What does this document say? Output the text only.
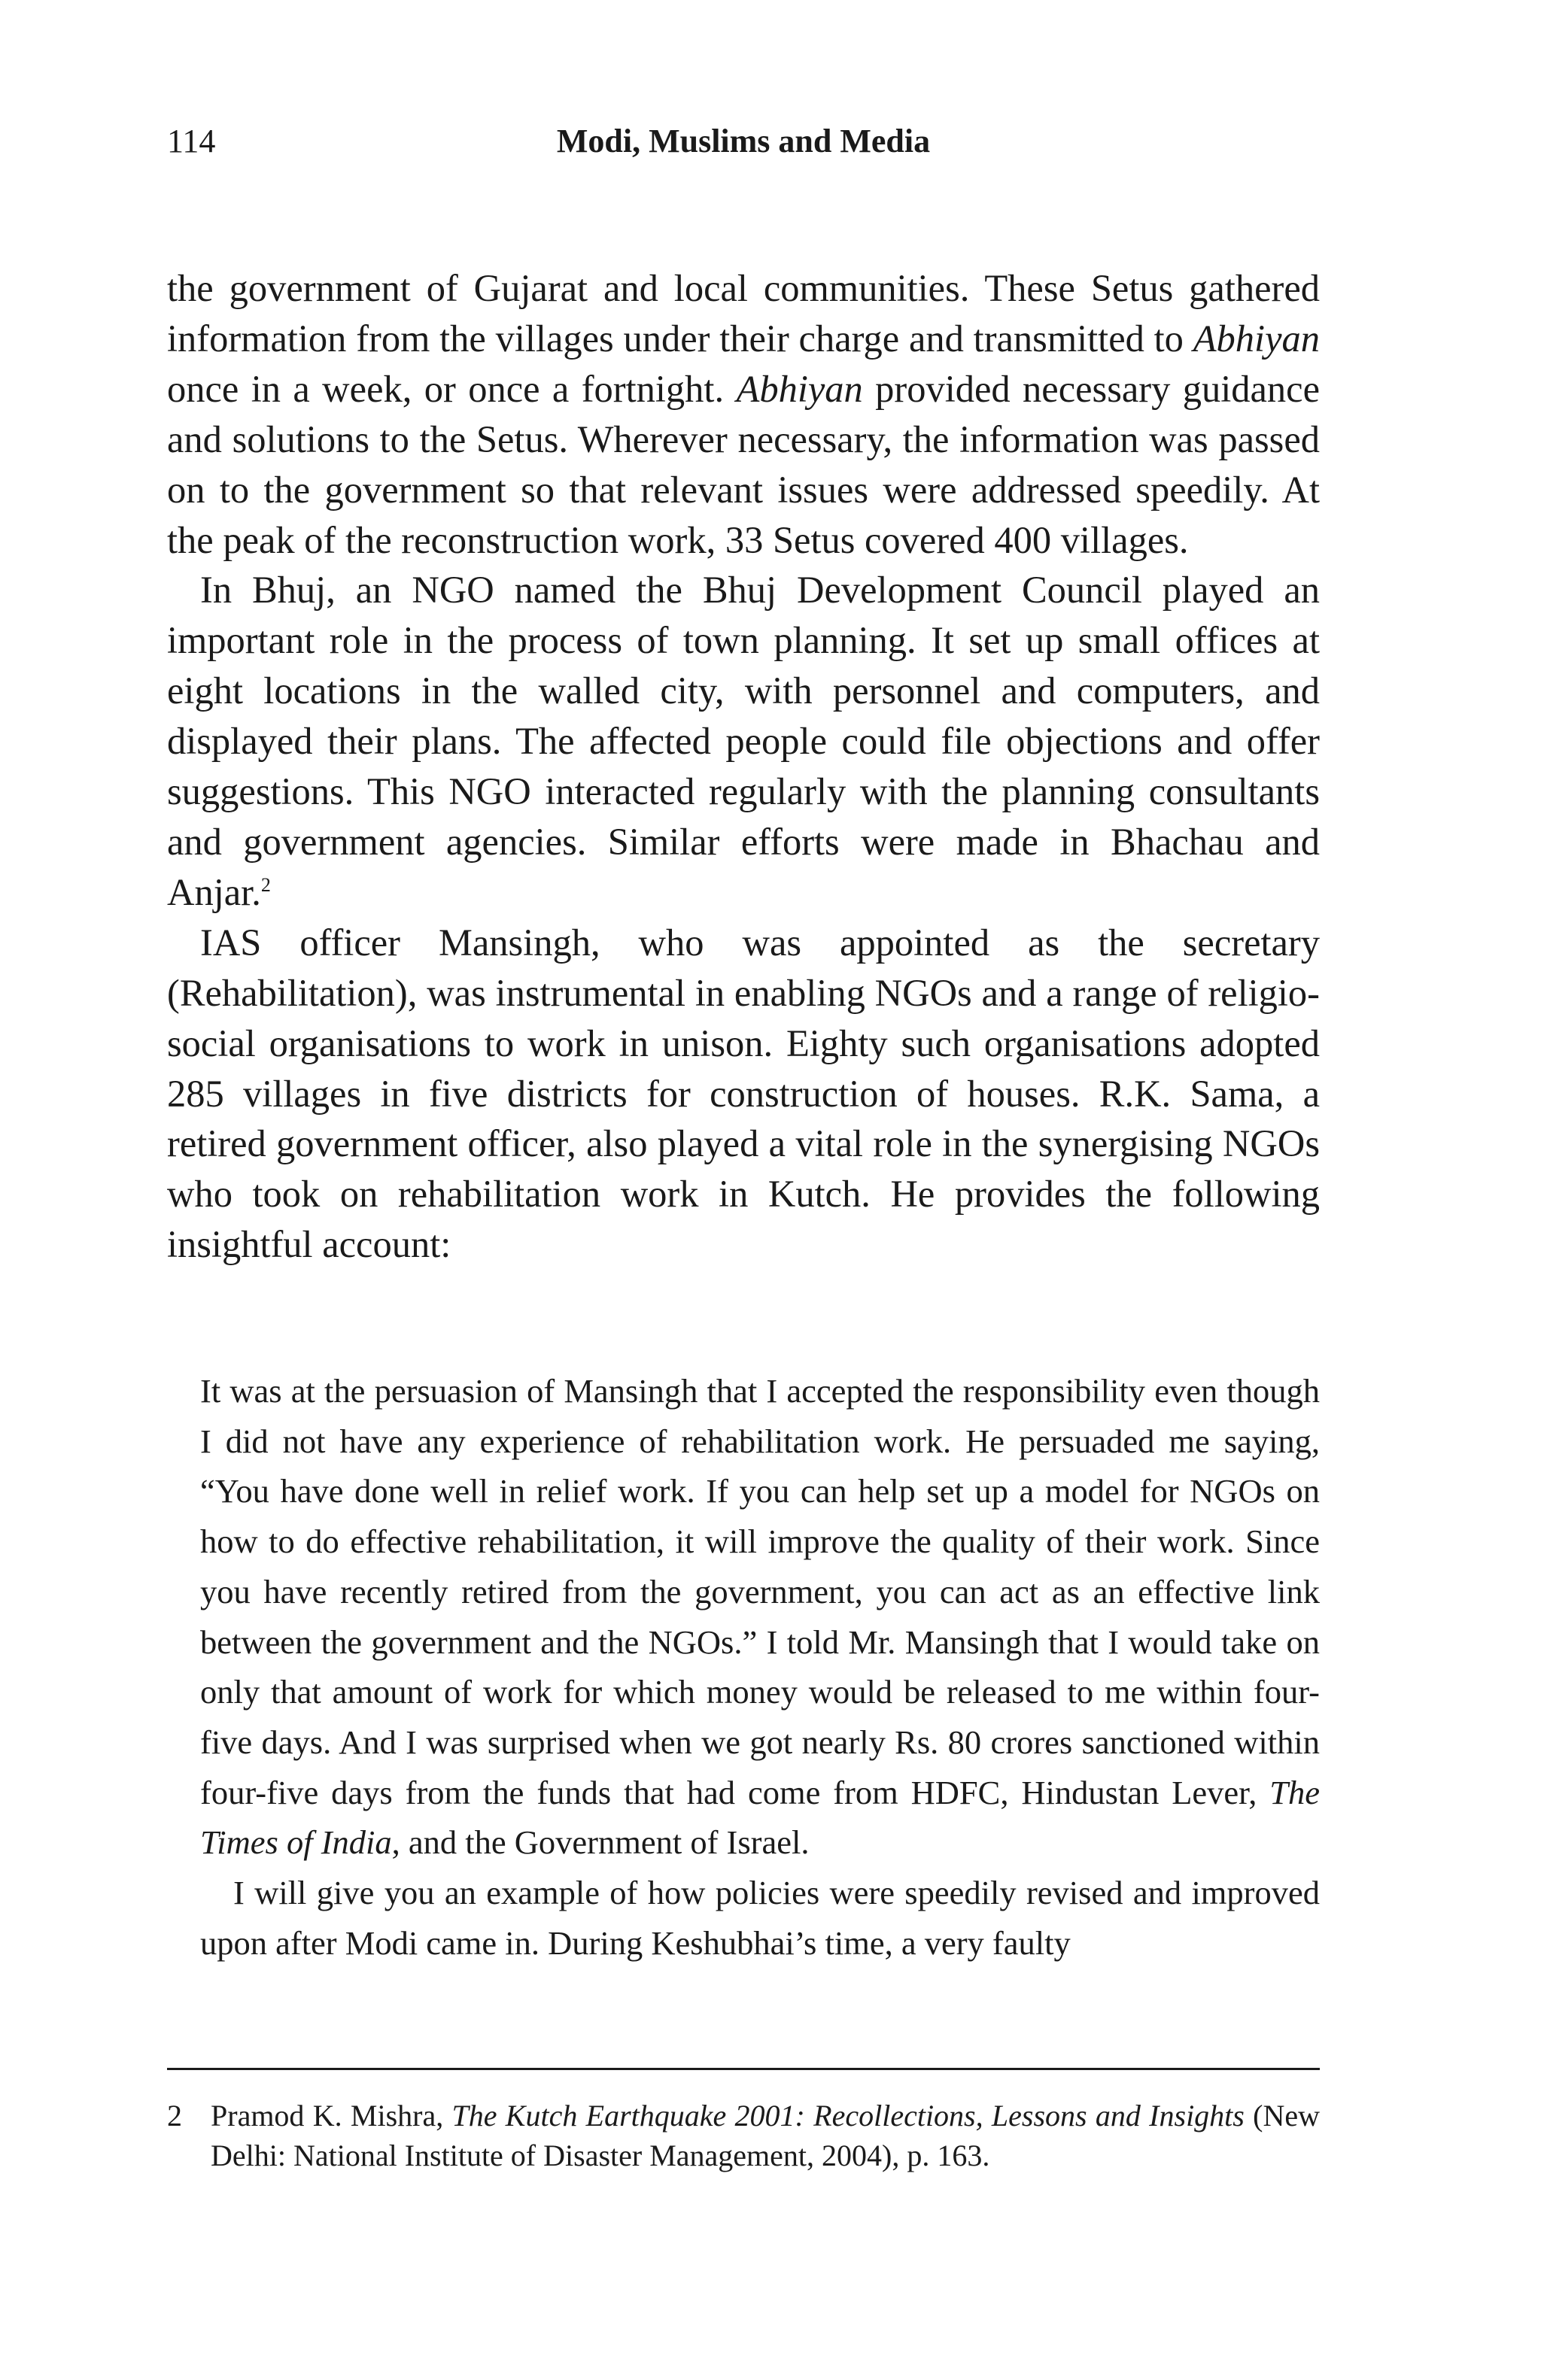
114	Modi, Muslims and Media

the government of Gujarat and local communities. These Setus gathered information from the villages under their charge and transmitted to Abhiyan once in a week, or once a fortnight. Abhiyan provided necessary guidance and solutions to the Setus. Wherever necessary, the information was passed on to the government so that relevant issues were addressed speedily. At the peak of the reconstruction work, 33 Setus covered 400 villages.

In Bhuj, an NGO named the Bhuj Development Council played an important role in the process of town planning. It set up small offices at eight locations in the walled city, with personnel and computers, and displayed their plans. The affected people could file objections and offer suggestions. This NGO interacted regularly with the planning consultants and government agencies. Similar efforts were made in Bhachau and Anjar.$^2$

IAS officer Mansingh, who was appointed as the secretary (Rehabilitation), was instrumental in enabling NGOs and a range of religio-social organisations to work in unison. Eighty such organisations adopted 285 villages in five districts for construction of houses. R.K. Sama, a retired government officer, also played a vital role in the synergising NGOs who took on rehabilitation work in Kutch. He provides the following insightful account:

It was at the persuasion of Mansingh that I accepted the responsibility even though I did not have any experience of rehabilitation work. He persuaded me saying, “You have done well in relief work. If you can help set up a model for NGOs on how to do effective rehabilitation, it will improve the quality of their work. Since you have recently retired from the government, you can act as an effective link between the government and the NGOs.” I told Mr. Mansingh that I would take on only that amount of work for which money would be released to me within four-five days. And I was surprised when we got nearly Rs. 80 crores sanctioned within four-five days from the funds that had come from HDFC, Hindustan Lever, The Times of India, and the Government of Israel.

I will give you an example of how policies were speedily revised and improved upon after Modi came in. During Keshubhai’s time, a very faulty

2 Pramod K. Mishra, The Kutch Earthquake 2001: Recollections, Lessons and Insights (New Delhi: National Institute of Disaster Management, 2004), p. 163.
